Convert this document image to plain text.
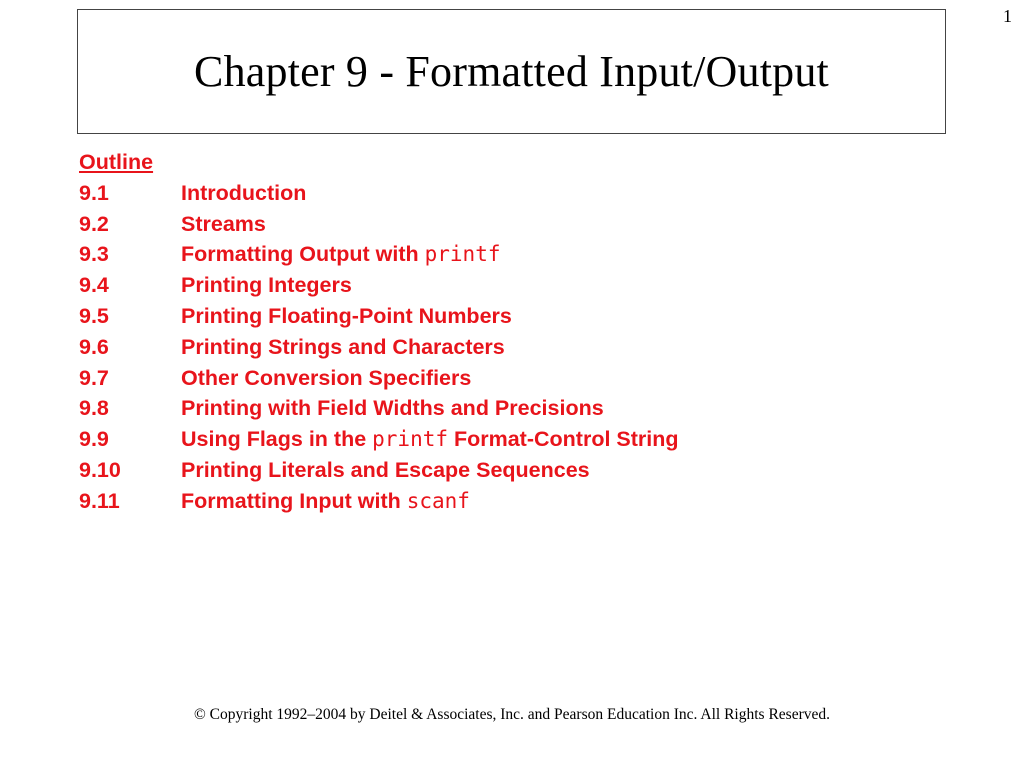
1
Chapter 9 - Formatted Input/Output
Outline
9.1	Introduction
9.2	Streams
9.3	Formatting Output with printf
9.4	Printing Integers
9.5	Printing Floating-Point Numbers
9.6	Printing Strings and Characters
9.7	Other Conversion Specifiers
9.8	Printing with Field Widths and Precisions
9.9	Using Flags in the printf Format-Control String
9.10	Printing Literals and Escape Sequences
9.11	Formatting Input with scanf
© Copyright 1992–2004 by Deitel & Associates, Inc. and Pearson Education Inc. All Rights Reserved.
